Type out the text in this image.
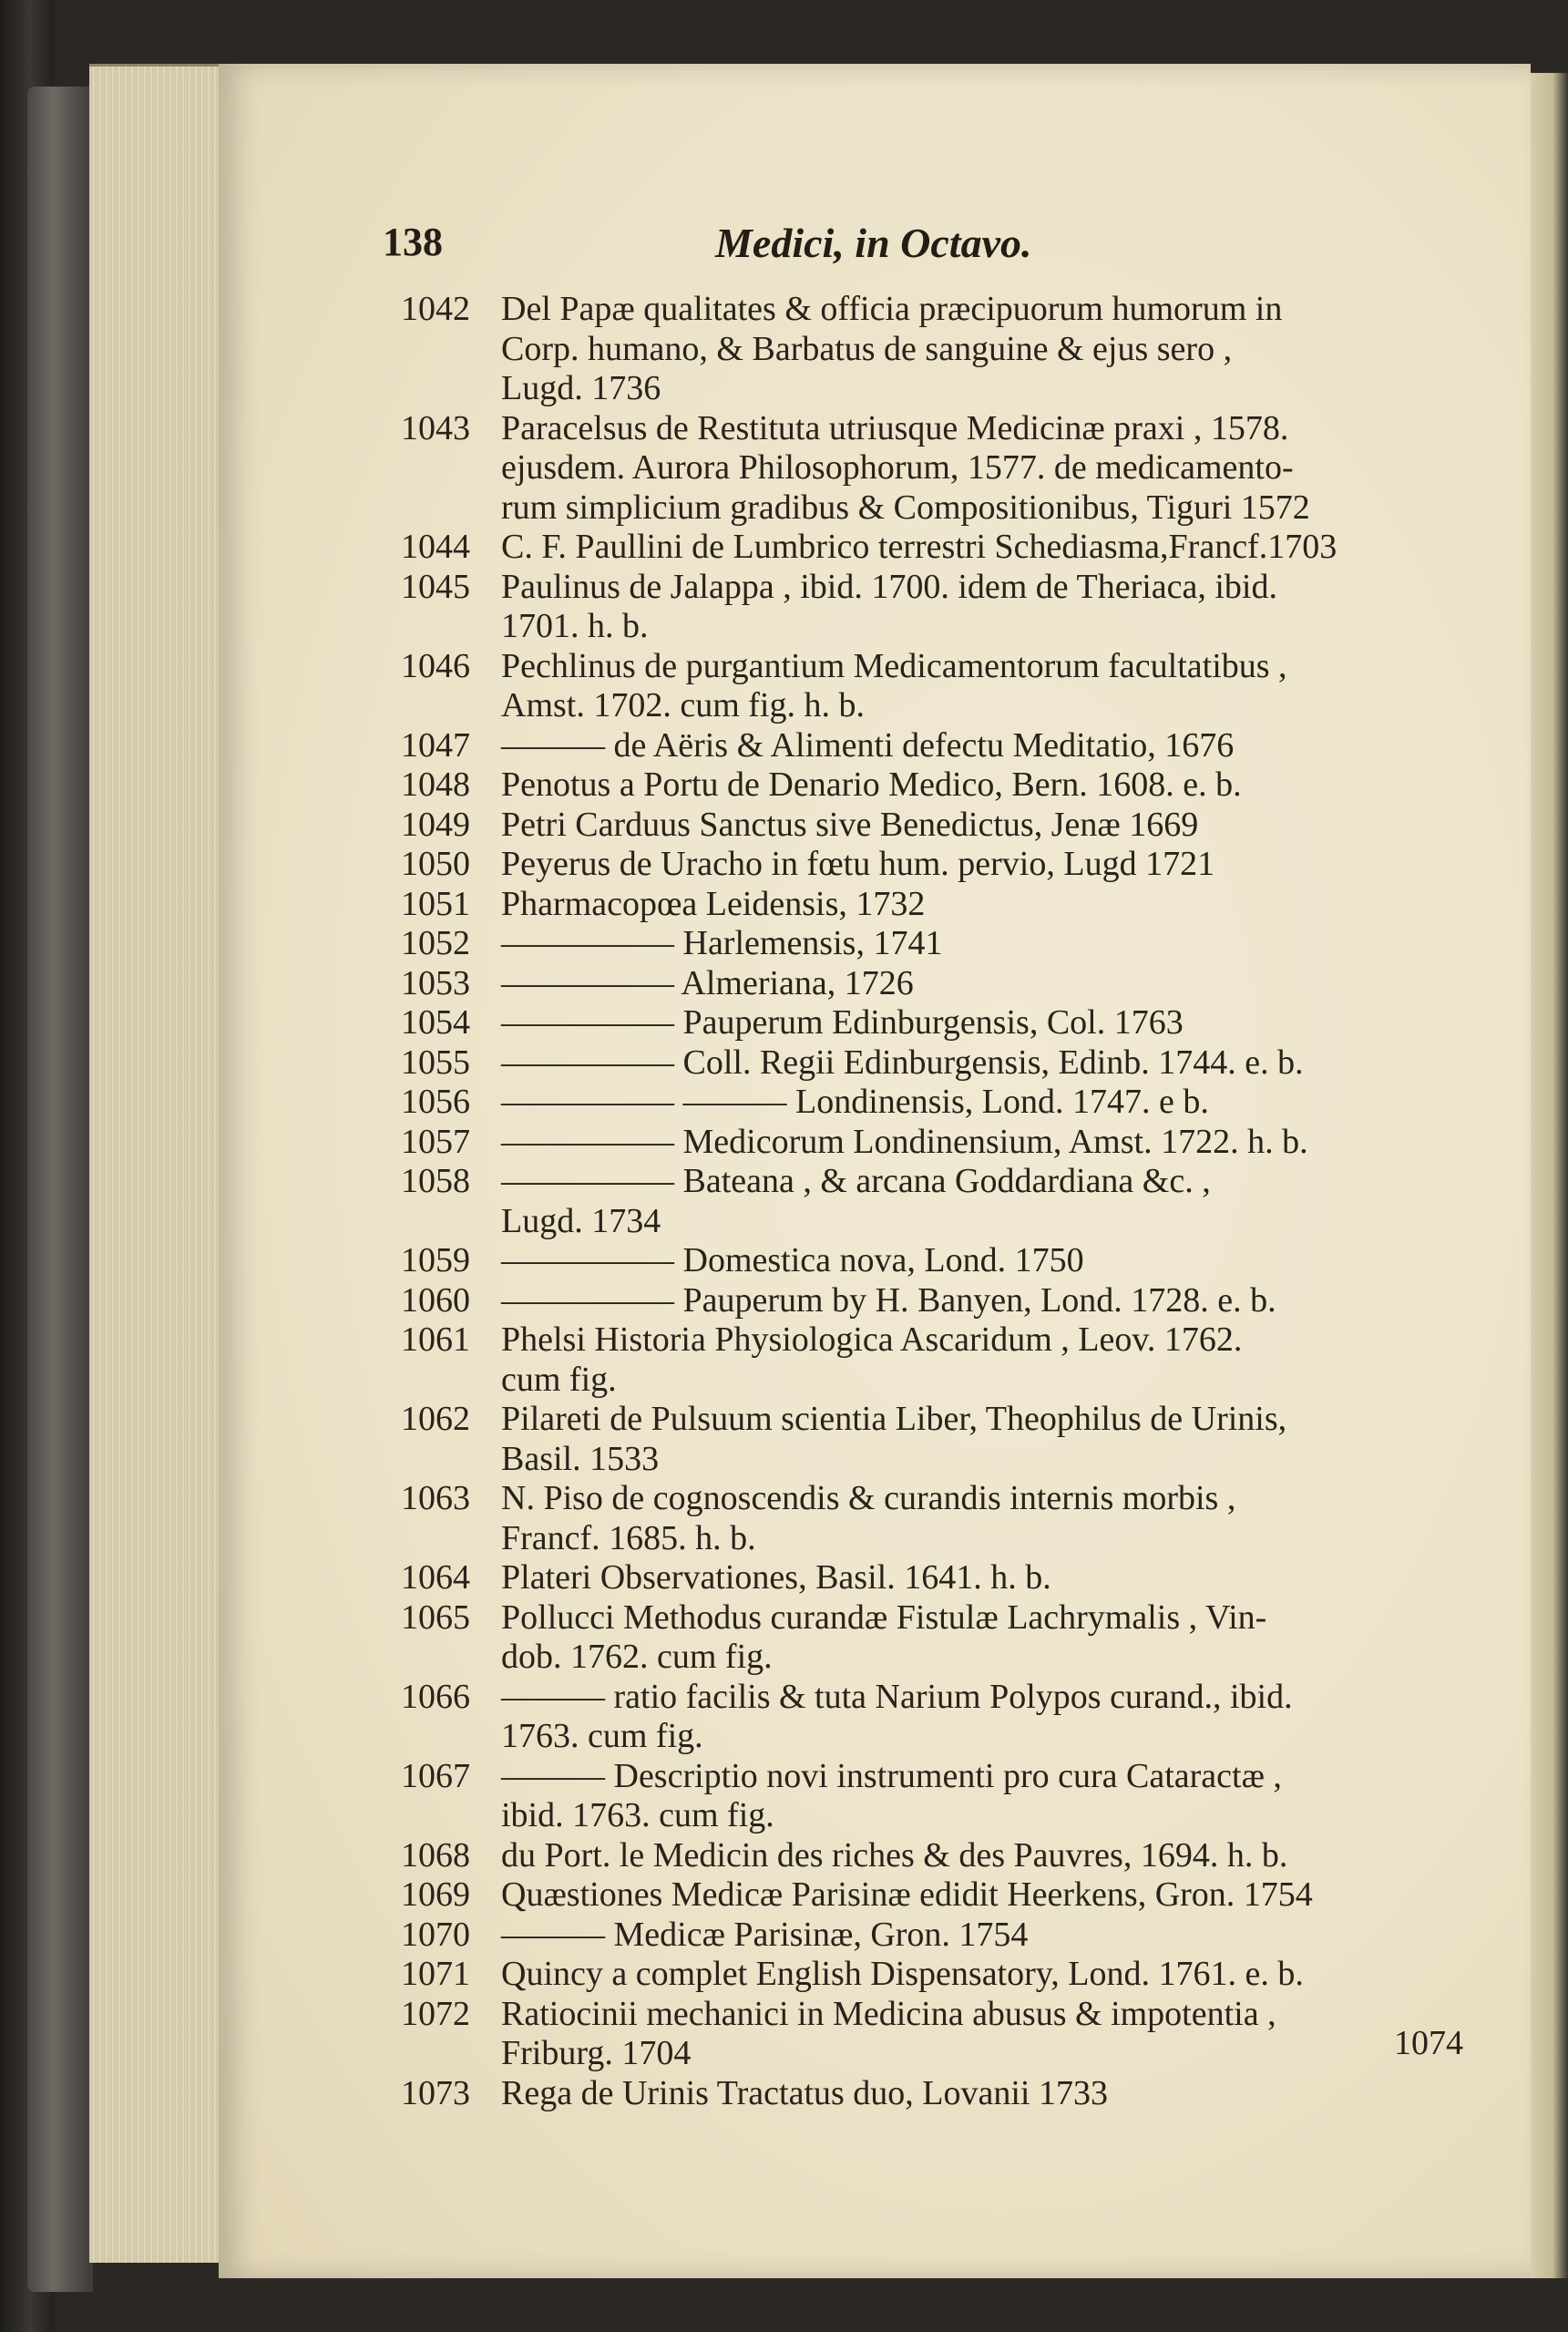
138	Medici, in Octavo.
1042 Del Papæ qualitates & officia præcipuorum humorum in
Corp. humano, & Barbatus de sanguine & ejus sero ,
Lugd. 1736
1043 Paracelsus de Restituta utriusque Medicinæ praxi , 1578.
ejusdem. Aurora Philosophorum, 1577. de medicamento-
rum simplicium gradibus & Compositionibus, Tiguri 1572
1044 C. F. Paullini de Lumbrico terrestri Schediasma,Francf.1703
1045 Paulinus de Jalappa , ibid. 1700. idem de Theriaca, ibid.
1701. h. b.
1046 Pechlinus de purgantium Medicamentorum facultatibus ,
Amst. 1702. cum fig. h. b.
1047 ——— de Aëris & Alimenti defectu Meditatio, 1676
1048 Penotus a Portu de Denario Medico, Bern. 1608. e. b.
1049 Petri Carduus Sanctus sive Benedictus, Jenæ 1669
1050 Peyerus de Uracho in fœtu hum. pervio, Lugd 1721
1051 Pharmacopœa Leidensis, 1732
1052 ————— Harlemensis, 1741
1053 ————— Almeriana, 1726
1054 ————— Pauperum Edinburgensis, Col. 1763
1055 ————— Coll. Regii Edinburgensis, Edinb. 1744. e. b.
1056 ————— ——— Londinensis, Lond. 1747. e b.
1057 ————— Medicorum Londinensium, Amst. 1722. h. b.
1058 ————— Bateana , & arcana Goddardiana &c. ,
Lugd. 1734
1059 ————— Domestica nova, Lond. 1750
1060 ————— Pauperum by H. Banyen, Lond. 1728. e. b.
1061 Phelsi Historia Physiologica Ascaridum , Leov. 1762.
cum fig.
1062 Pilareti de Pulsuum scientia Liber, Theophilus de Urinis,
Basil. 1533
1063 N. Piso de cognoscendis & curandis internis morbis ,
Francf. 1685. h. b.
1064 Plateri Observationes, Basil. 1641. h. b.
1065 Pollucci Methodus curandæ Fistulæ Lachrymalis , Vin-
dob. 1762. cum fig.
1066 ——— ratio facilis & tuta Narium Polypos curand., ibid.
1763. cum fig.
1067 ——— Descriptio novi instrumenti pro cura Cataractæ ,
ibid. 1763. cum fig.
1068 du Port. le Medicin des riches & des Pauvres, 1694. h. b.
1069 Quæstiones Medicæ Parisinæ edidit Heerkens, Gron. 1754
1070 ——— Medicæ Parisinæ, Gron. 1754
1071 Quincy a complet English Dispensatory, Lond. 1761. e. b.
1072 Ratiocinii mechanici in Medicina abusus & impotentia ,
Friburg. 1704
1073 Rega de Urinis Tractatus duo, Lovanii 1733
1074
